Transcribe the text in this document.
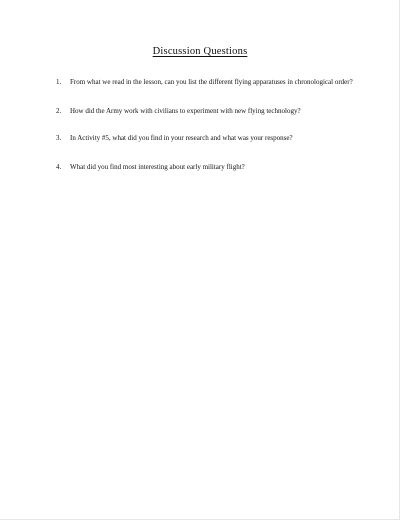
Discussion Questions
1. From what we read in the lesson, can you list the different flying apparatuses in chronological order?
2. How did the Army work with civilians to experiment with new flying technology?
3. In Activity #5, what did you find in your research and what was your response?
4. What did you find most interesting about early military flight?
